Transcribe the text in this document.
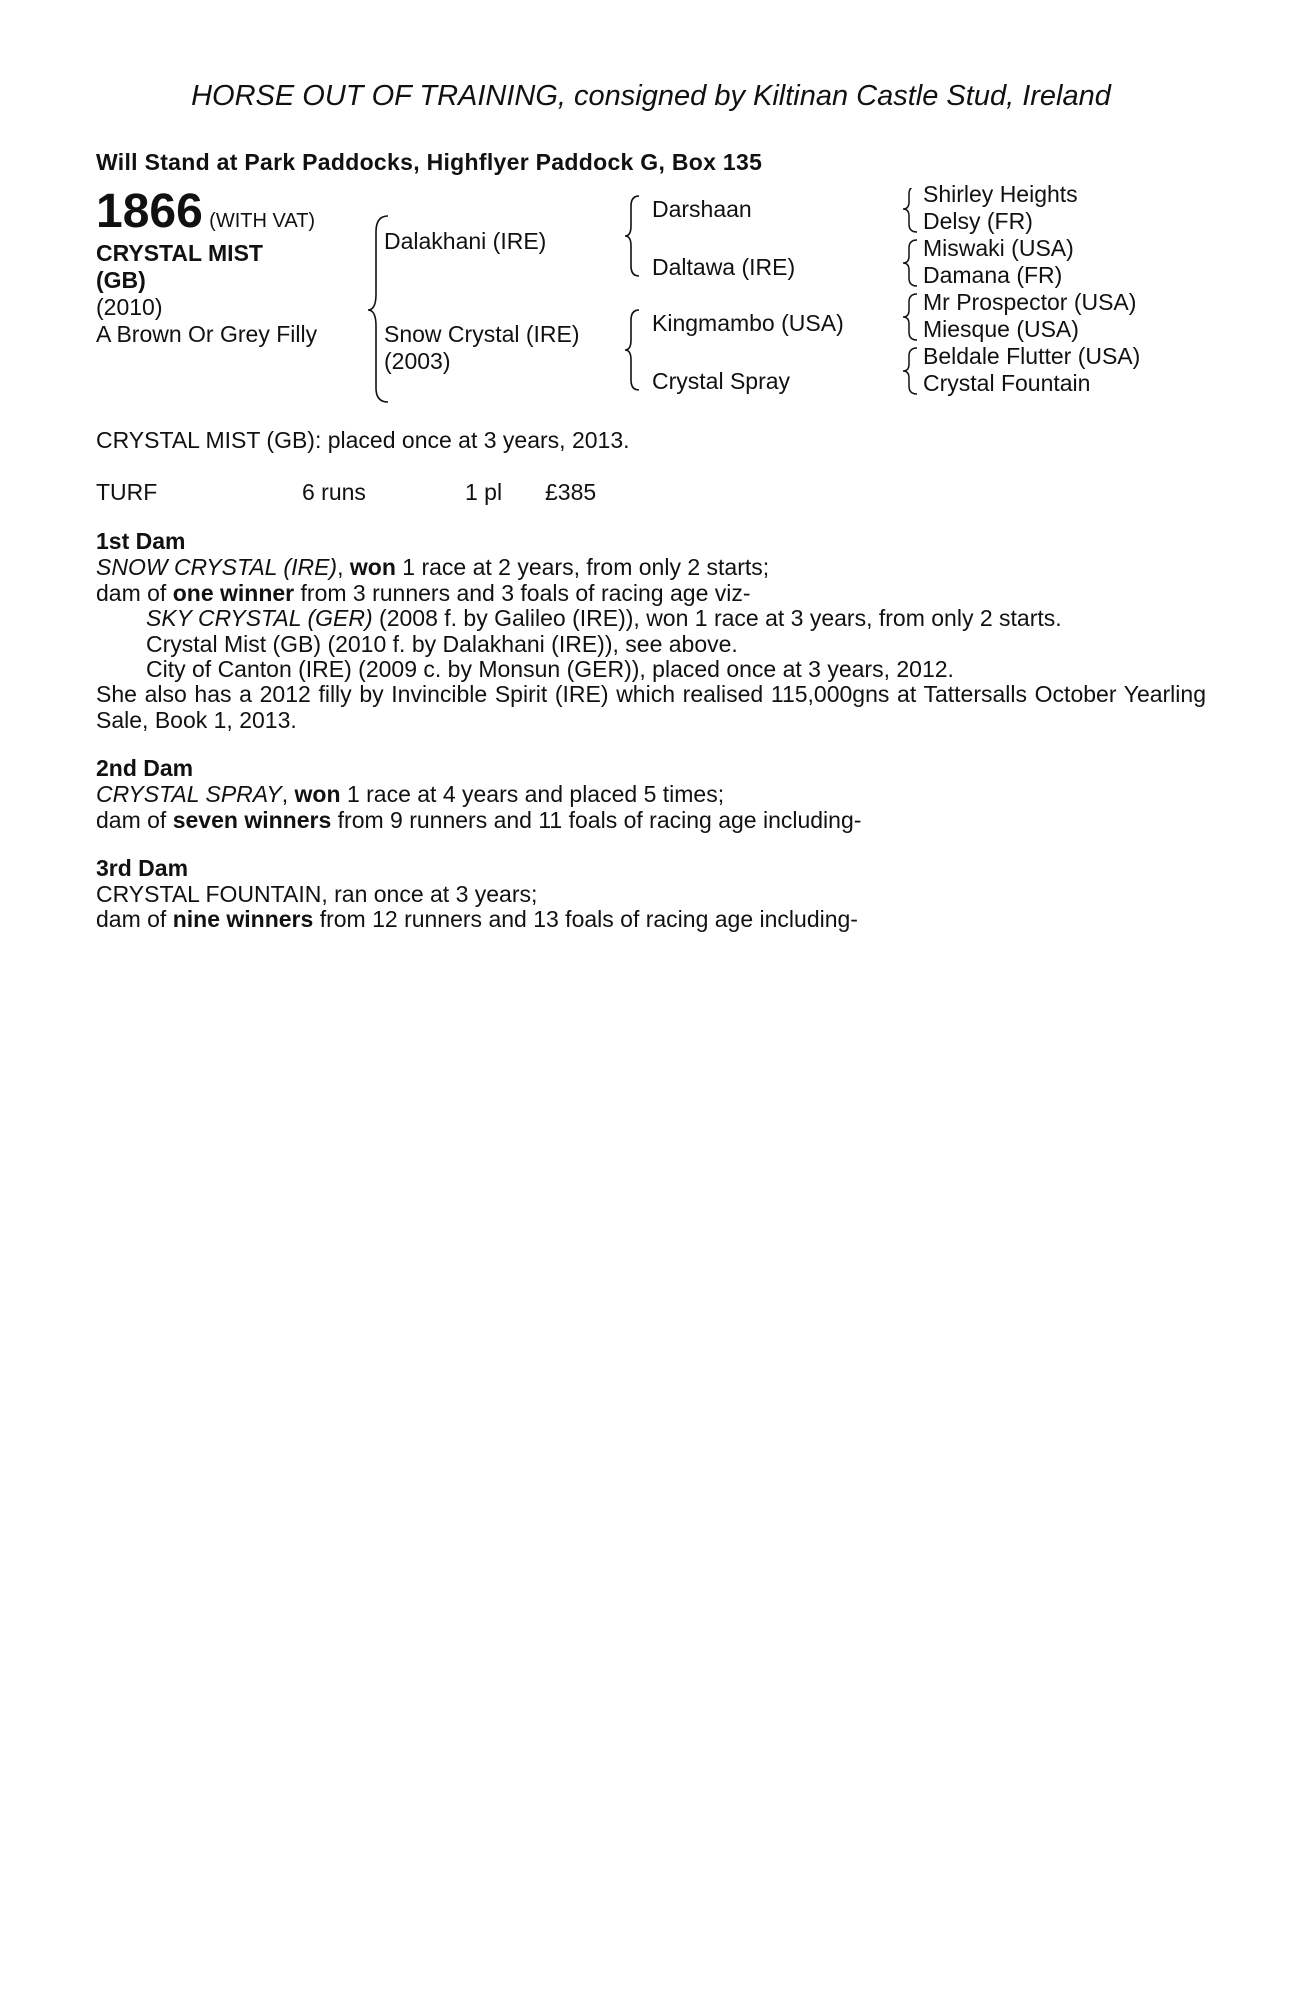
HORSE OUT OF TRAINING, consigned by Kiltinan Castle Stud, Ireland

Will Stand at Park Paddocks, Highflyer Paddock G, Box 135
1866 (WITH VAT)
CRYSTAL MIST
(GB)
(2010)
A Brown Or Grey Filly
Dalakhani (IRE)
Snow Crystal (IRE)
(2003)
Darshaan
Daltawa (IRE)
Kingmambo (USA)
Crystal Spray
Shirley Heights
Delsy (FR)
Miswaki (USA)
Damana (FR)
Mr Prospector (USA)
Miesque (USA)
Beldale Flutter (USA)
Crystal Fountain
CRYSTAL MIST (GB): placed once at 3 years, 2013.
TURF	6 runs	1 pl	£385
1st Dam
SNOW CRYSTAL (IRE), won 1 race at 2 years, from only 2 starts;
dam of one winner from 3 runners and 3 foals of racing age viz-
SKY CRYSTAL (GER) (2008 f. by Galileo (IRE)), won 1 race at 3 years, from only 2 starts.
Crystal Mist (GB) (2010 f. by Dalakhani (IRE)), see above.
City of Canton (IRE) (2009 c. by Monsun (GER)), placed once at 3 years, 2012.
She also has a 2012 filly by Invincible Spirit (IRE) which realised 115,000gns at Tattersalls October Yearling Sale, Book 1, 2013.
2nd Dam
CRYSTAL SPRAY, won 1 race at 4 years and placed 5 times;
dam of seven winners from 9 runners and 11 foals of racing age including-
3rd Dam
CRYSTAL FOUNTAIN, ran once at 3 years;
dam of nine winners from 12 runners and 13 foals of racing age including-
